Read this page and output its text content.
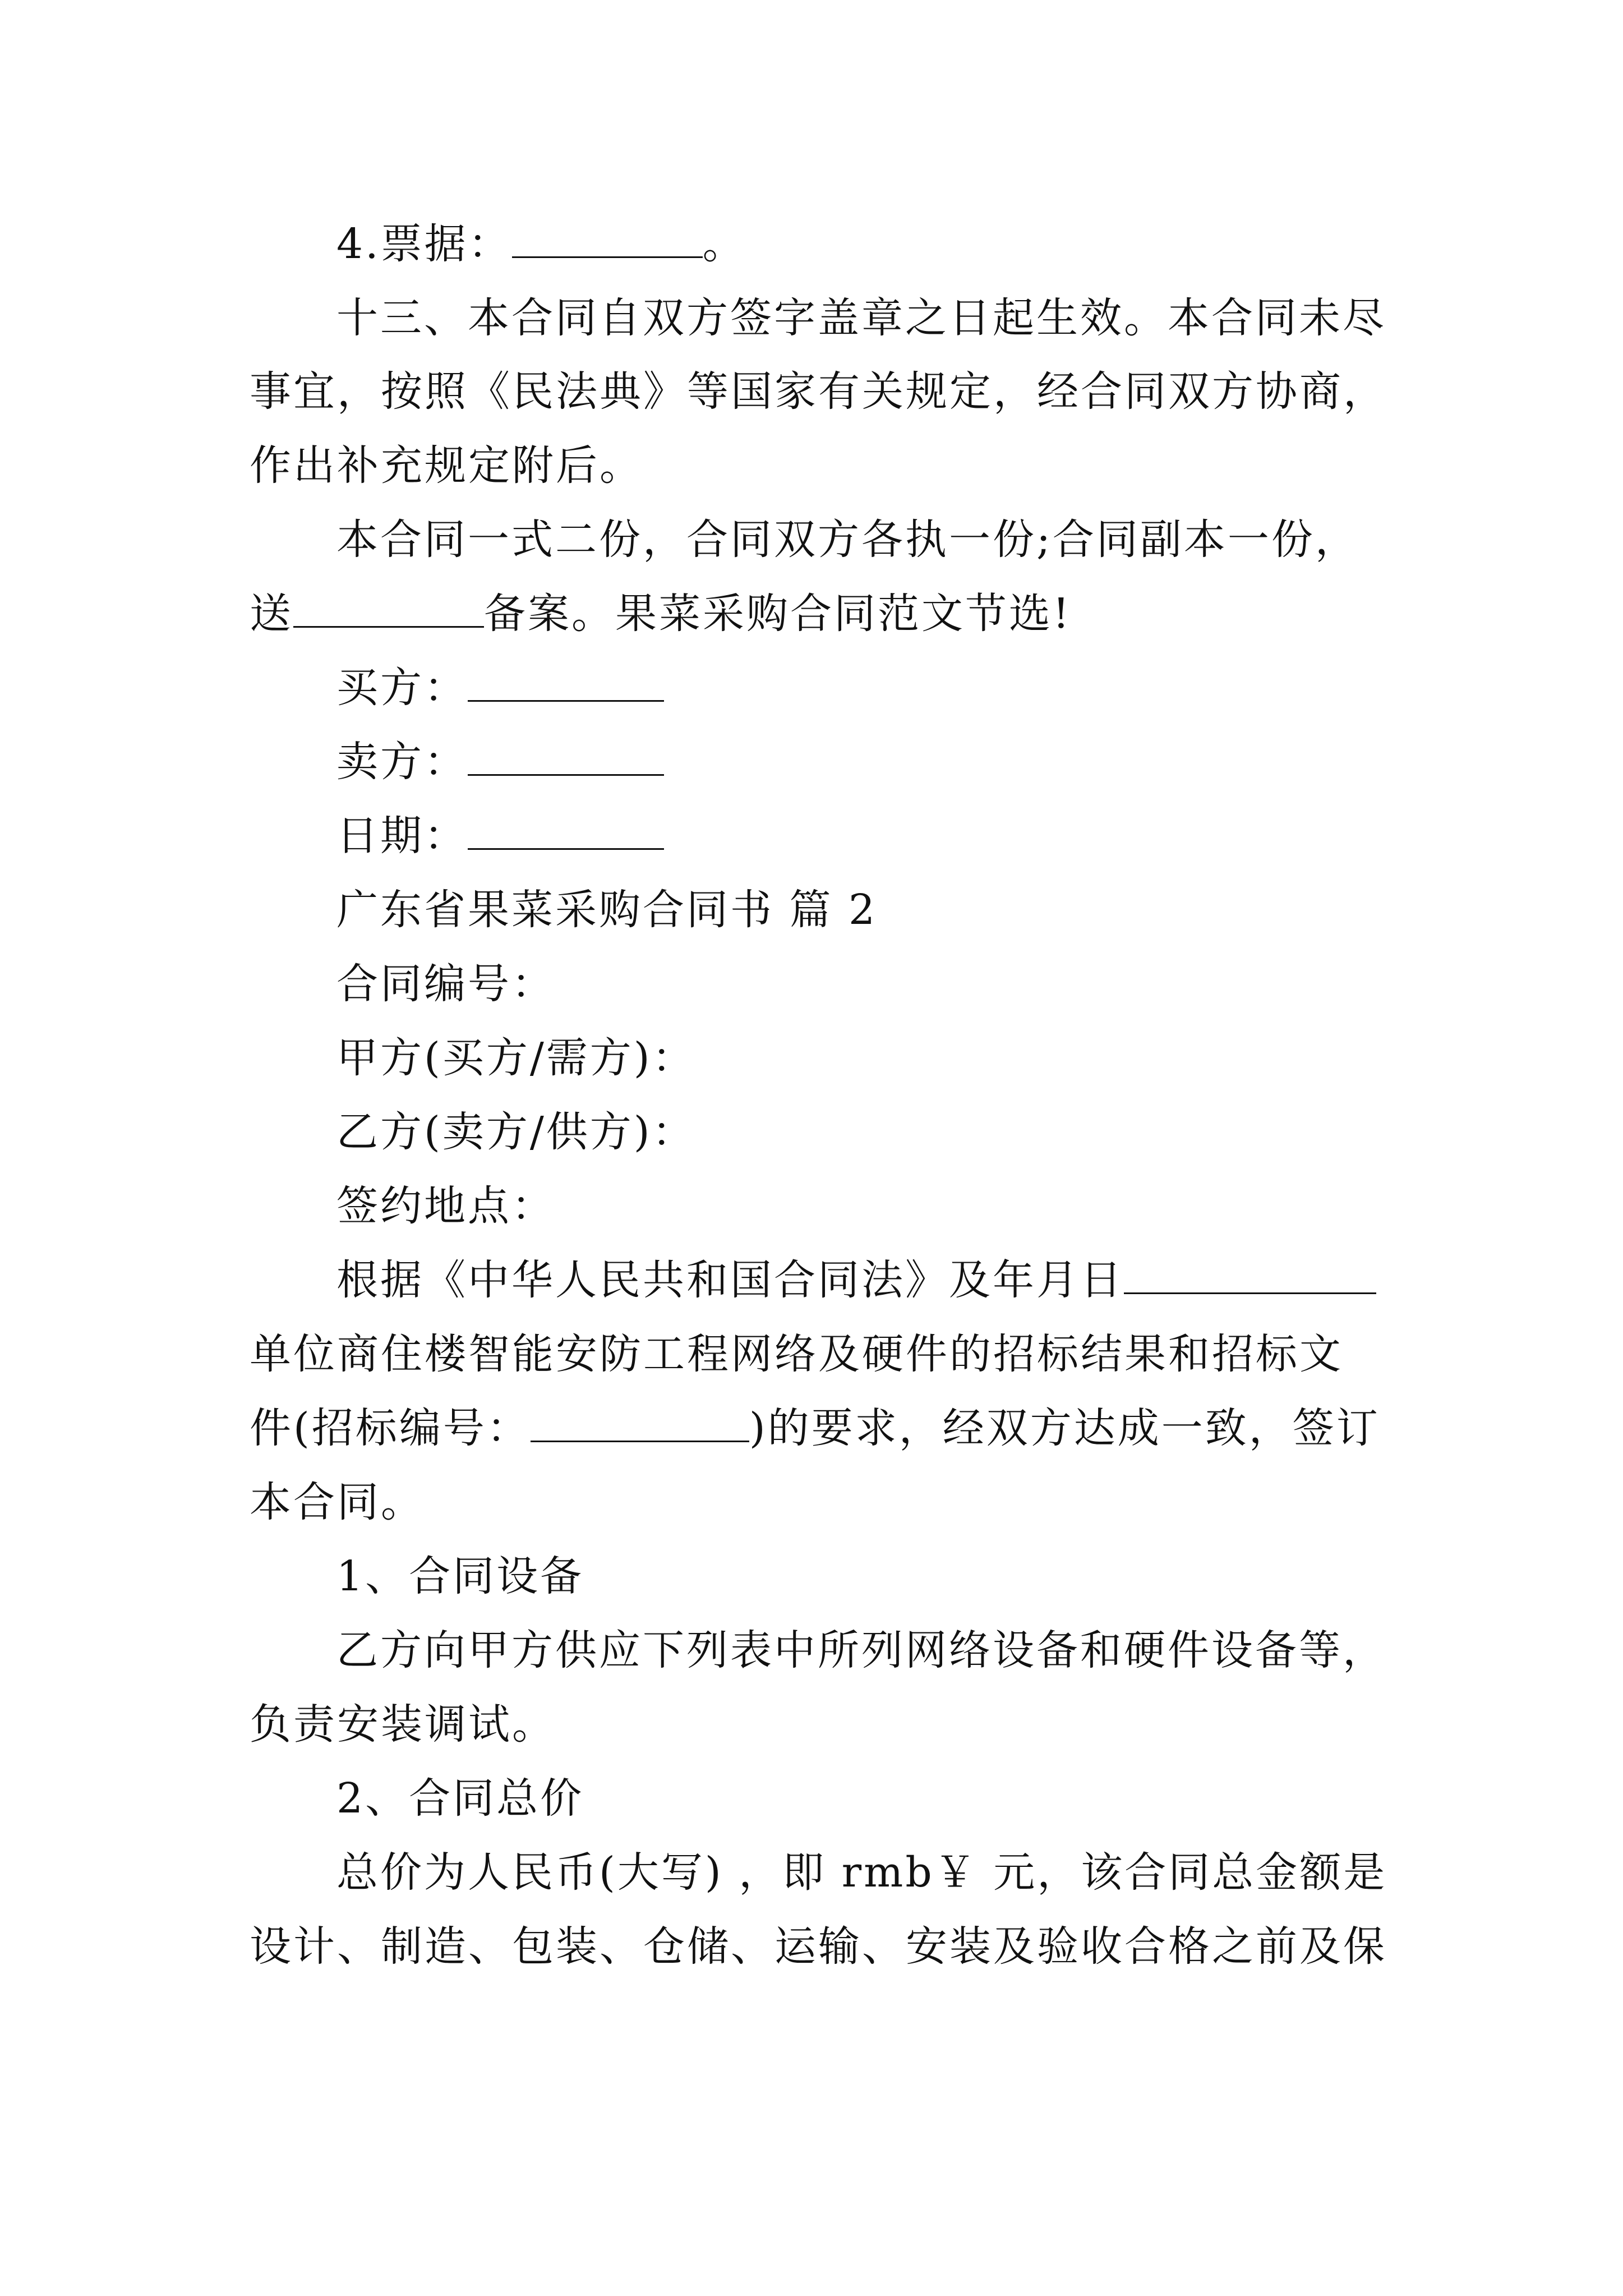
4.票据：	。
十三、本合同自双方签字盖章之日起生效。本合同未尽
事宜，按照《民法典》等国家有关规定，经合同双方协商，
作出补充规定附后。
本合同一式二份，合同双方各执一份;合同副本一份，
送	备案。果菜采购合同范文节选!
买方：
卖方：
日期：
广东省果菜采购合同书 篇 2
合同编号：
甲方(买方/需方)：
乙方(卖方/供方)：
签约地点：
根据《中华人民共和国合同法》及年月日
单位商住楼智能安防工程网络及硬件的招标结果和招标文
件(招标编号：	)的要求，经双方达成一致，签订
本合同。
1、合同设备
乙方向甲方供应下列表中所列网络设备和硬件设备等，
负责安装调试。
2、合同总价
总价为人民币(大写) ，即 rmb￥ 元，该合同总金额是
设计、制造、包装、仓储、运输、安装及验收合格之前及保
